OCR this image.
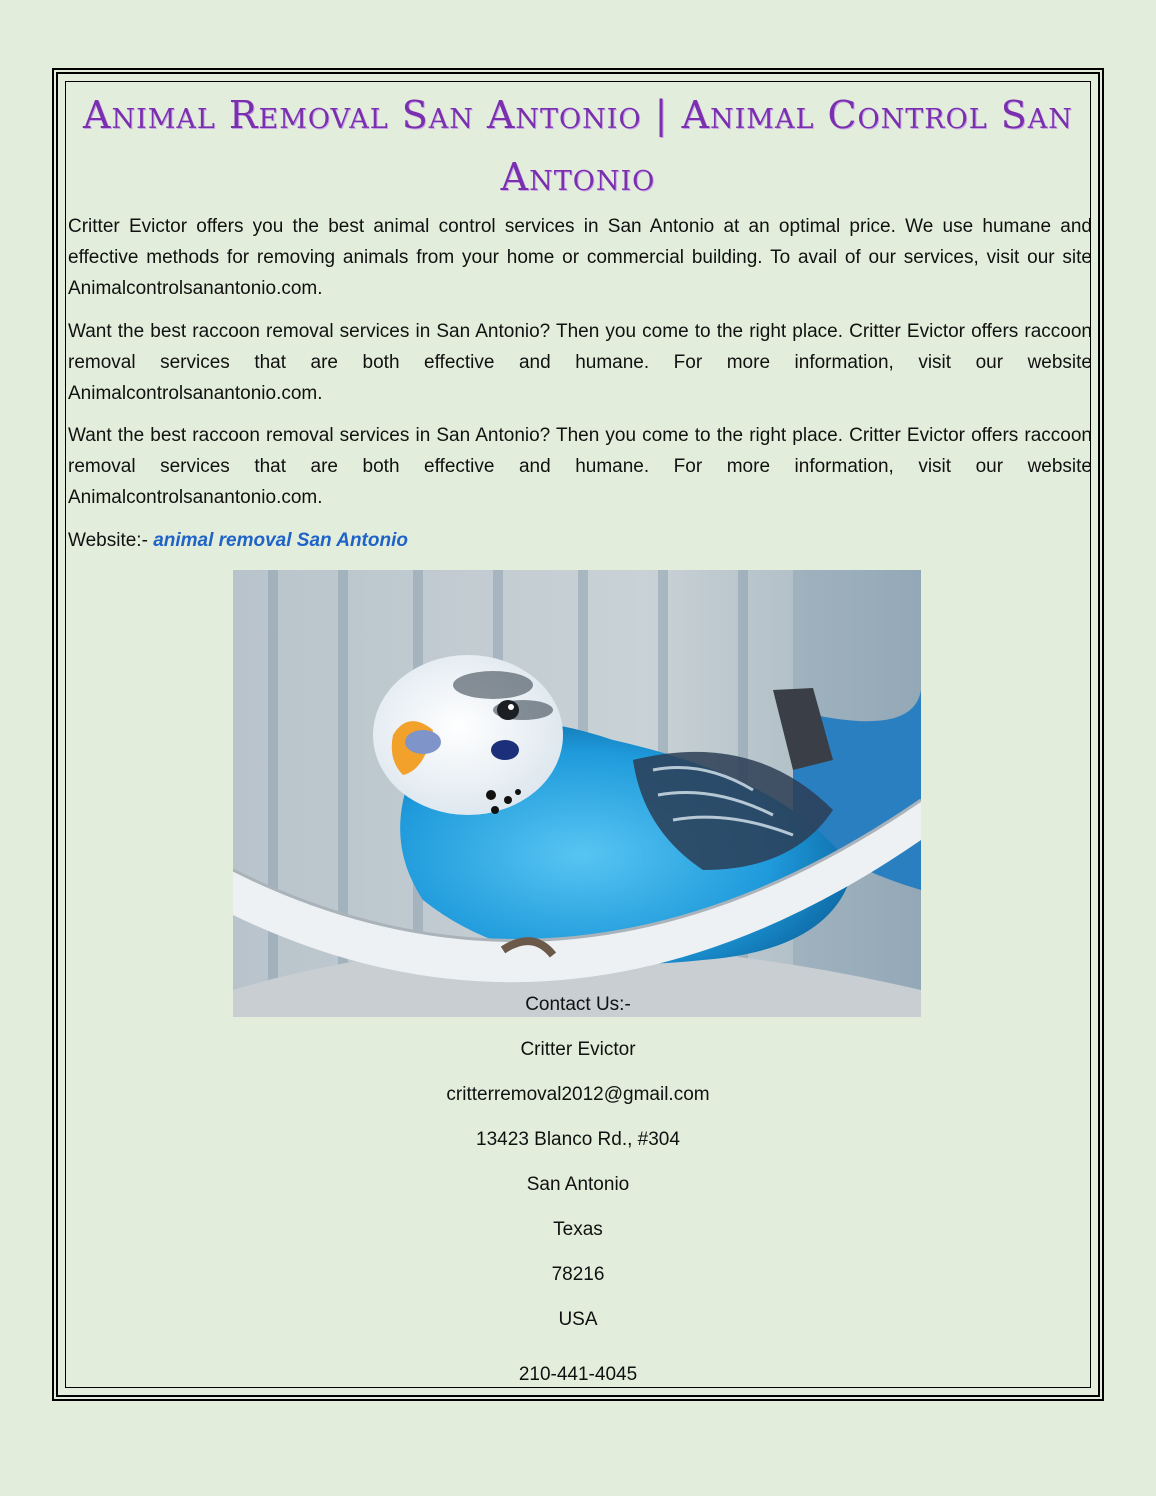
Animal Removal San Antonio | Animal Control San Antonio

Critter Evictor offers you the best animal control services in San Antonio at an optimal price. We use humane and effective methods for removing animals from your home or commercial building. To avail of our services, visit our site Animalcontrolsanantonio.com.

Want the best raccoon removal services in San Antonio? Then you come to the right place. Critter Evictor offers raccoon removal services that are both effective and humane. For more information, visit our website Animalcontrolsanantonio.com.

Want the best raccoon removal services in San Antonio? Then you come to the right place. Critter Evictor offers raccoon removal services that are both effective and humane. For more information, visit our website Animalcontrolsanantonio.com.

Website:- animal removal San Antonio
Contact Us:-
Critter Evictor
critterremoval2012@gmail.com
13423 Blanco Rd., #304
San Antonio
Texas
78216
USA
210-441-4045
